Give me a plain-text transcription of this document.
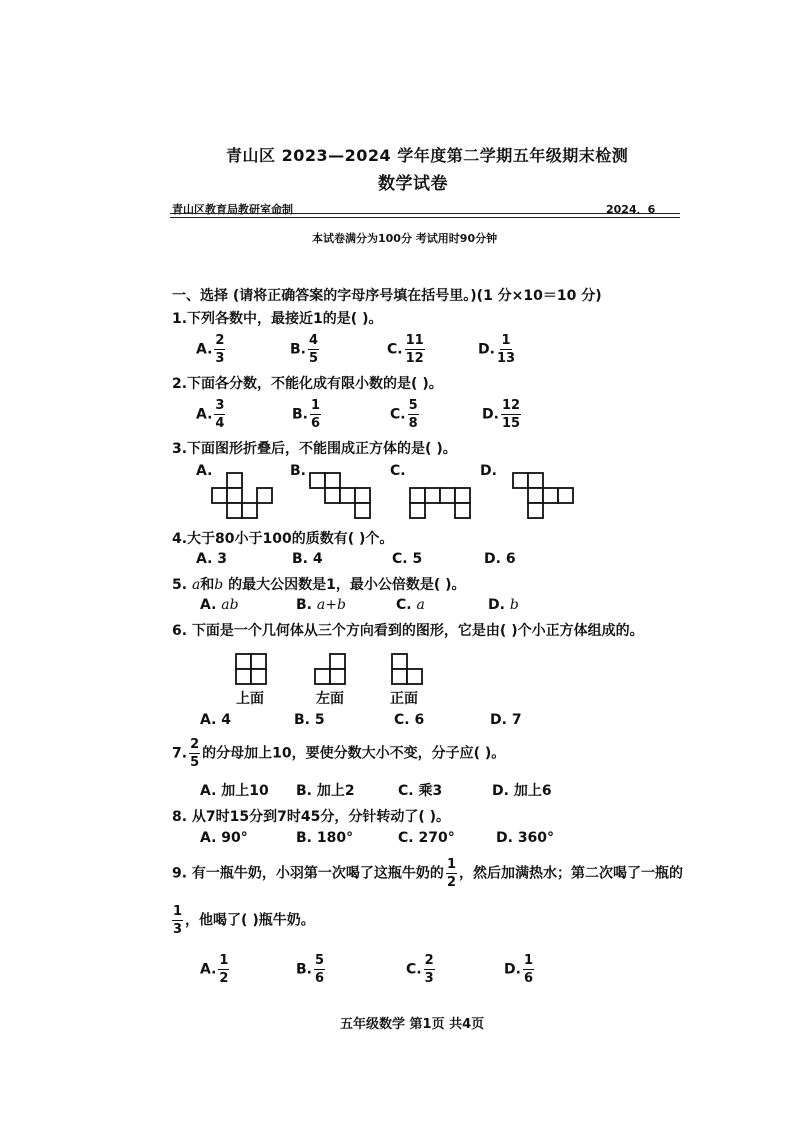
青山区 2023—2024 学年度第二学期五年级期末检测
数学试卷
青山区教育局教研室命制	2024．6
本试卷满分为100分 考试用时90分钟
一、选择 (请将正确答案的字母序号填在括号里。)(1 分×10＝10 分)
1.下列各数中，最接近1的是( )。
A. $\frac{2}{3}$	B. $\frac{4}{5}$	C. $\frac{11}{12}$	D. $\frac{1}{13}$
2.下面各分数，不能化成有限小数的是( )。
A. $\frac{3}{4}$	B. $\frac{1}{6}$	C. $\frac{5}{8}$	D. $\frac{12}{15}$
3.下面图形折叠后，不能围成正方体的是( )。
A.	B.	C.	D.
4.大于80小于100的质数有( )个。
A. 3	B. 4	C. 5	D. 6
5. a和b 的最大公因数是1，最小公倍数是( )。
A. ab	B. a+b	C. a	D. b
6. 下面是一个几何体从三个方向看到的图形，它是由( )个小正方体组成的。
上面	左面	正面
A. 4	B. 5	C. 6	D. 7
7. $\frac{2}{5}$ 的分母加上10，要使分数大小不变，分子应( )。
A. 加上10 B. 加上2	C. 乘3	D. 加上6
8. 从7时15分到7时45分，分针转动了( )。
A. 90°	B. 180°	C. 270°	D. 360°
9. 有一瓶牛奶，小羽第一次喝了这瓶牛奶的 $\frac{1}{2}$ ，然后加满热水；第二次喝了一瓶的
$\frac{1}{3}$ ，他喝了( )瓶牛奶。
A. $\frac{1}{2}$	B. $\frac{5}{6}$	C. $\frac{2}{3}$	D. $\frac{1}{6}$
五年级数学 第1页 共4页
